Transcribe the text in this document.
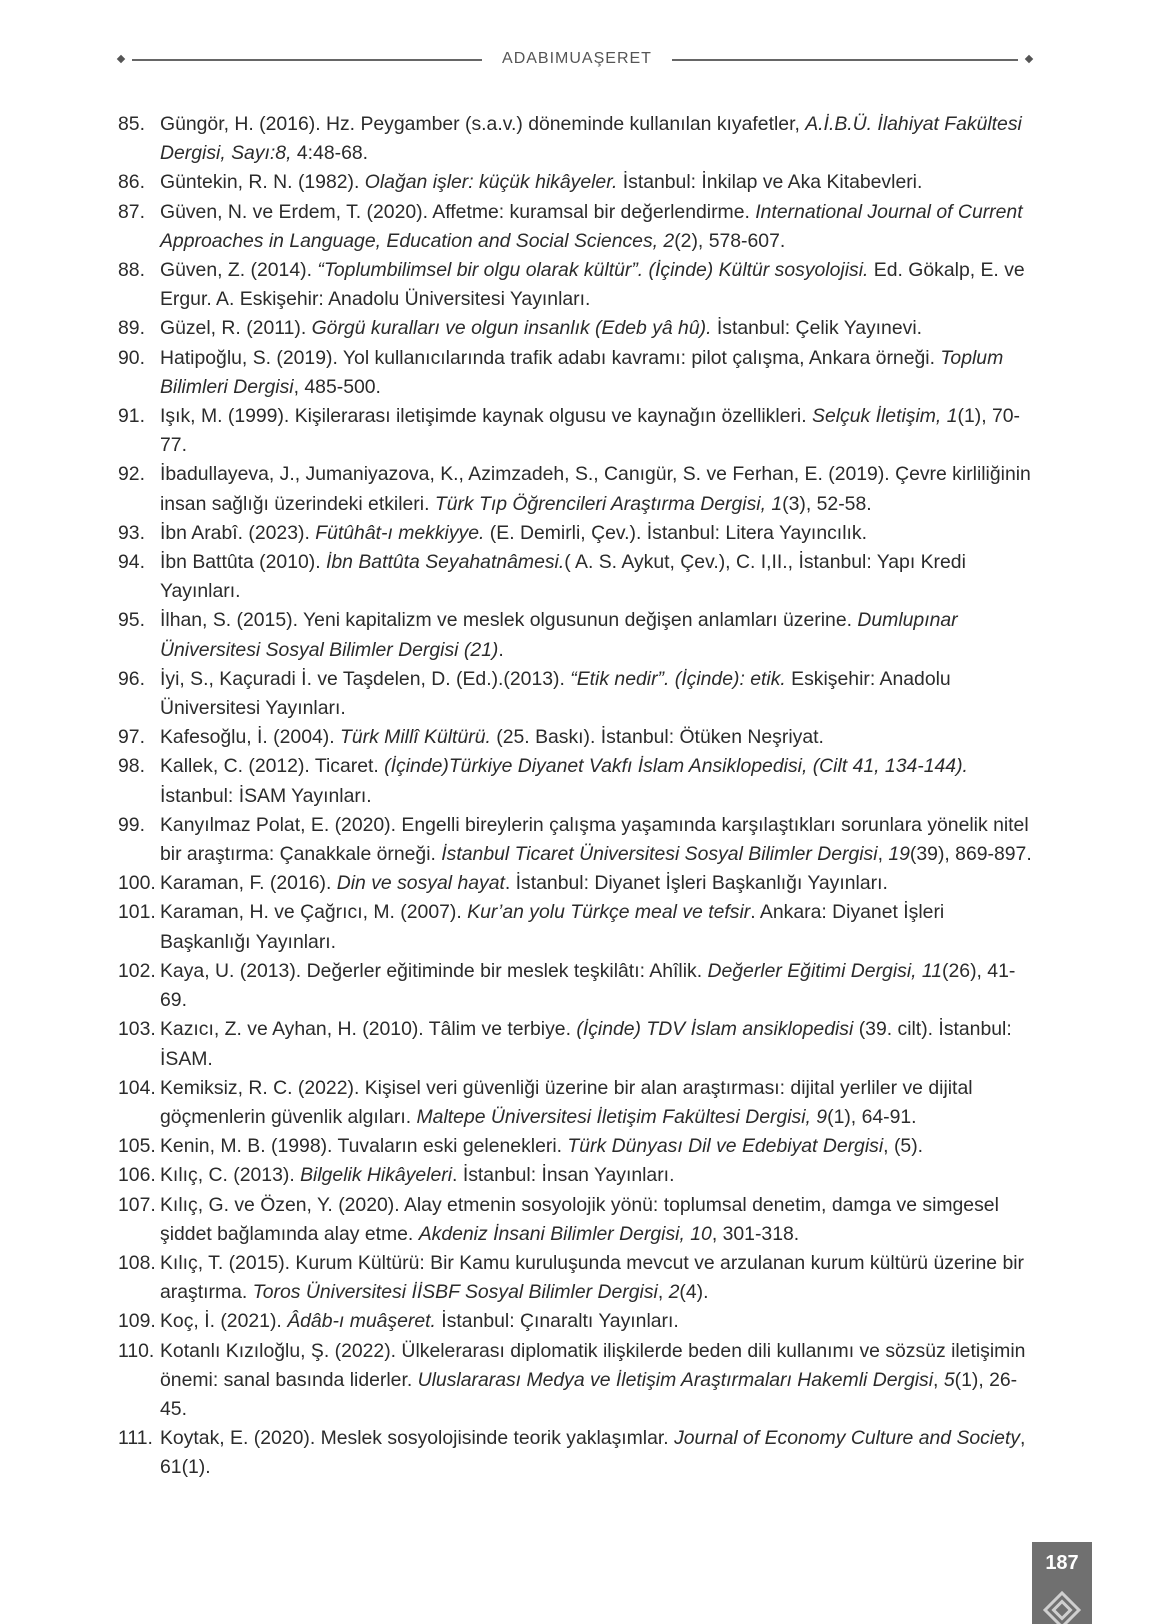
ADABIMUAŞERET
85. Güngör, H. (2016). Hz. Peygamber (s.a.v.) döneminde kullanılan kıyafetler, A.İ.B.Ü. İlahiyat Fakültesi Dergisi, Sayı:8, 4:48-68.
86. Güntekin, R. N. (1982). Olağan işler: küçük hikâyeler. İstanbul: İnkilap ve Aka Kitabevleri.
87. Güven, N. ve Erdem, T. (2020). Affetme: kuramsal bir değerlendirme. International Journal of Current Approaches in Language, Education and Social Sciences, 2(2), 578-607.
88. Güven, Z. (2014). “Toplumbilimsel bir olgu olarak kültür”. (İçinde) Kültür sosyolojisi. Ed. Gökalp, E. ve Ergur. A. Eskişehir: Anadolu Üniversitesi Yayınları.
89. Güzel, R. (2011). Görgü kuralları ve olgun insanlık (Edeb yâ hû). İstanbul: Çelik Yayınevi.
90. Hatipoğlu, S. (2019). Yol kullanıcılarında trafik adabı kavramı: pilot çalışma, Ankara örneği. Toplum Bilimleri Dergisi, 485-500.
91. Işık, M. (1999). Kişilerarası iletişimde kaynak olgusu ve kaynağın özellikleri. Selçuk İletişim, 1(1), 70-77.
92. İbadullayeva, J., Jumaniyazova, K., Azimzadeh, S., Canıgür, S. ve Ferhan, E. (2019). Çevre kirliliğinin insan sağlığı üzerindeki etkileri. Türk Tıp Öğrencileri Araştırma Dergisi, 1(3), 52-58.
93. İbn Arabî. (2023). Fütûhât-ı mekkiyye. (E. Demirli, Çev.). İstanbul: Litera Yayıncılık.
94. İbn Battûta (2010). İbn Battûta Seyahatnâmesi.( A. S. Aykut, Çev.), C. I,II., İstanbul: Yapı Kredi Yayınları.
95. İlhan, S. (2015). Yeni kapitalizm ve meslek olgusunun değişen anlamları üzerine. Dumlupınar Üniversitesi Sosyal Bilimler Dergisi (21).
96. İyi, S., Kaçuradi İ. ve Taşdelen, D. (Ed.).(2013). “Etik nedir”. (İçinde): etik. Eskişehir: Anadolu Üniversitesi Yayınları.
97. Kafesoğlu, İ. (2004). Türk Millî Kültürü. (25. Baskı). İstanbul: Ötüken Neşriyat.
98. Kallek, C. (2012). Ticaret. (İçinde)Türkiye Diyanet Vakfı İslam Ansiklopedisi, (Cilt 41, 134-144). İstanbul: İSAM Yayınları.
99. Kanyılmaz Polat, E. (2020). Engelli bireylerin çalışma yaşamında karşılaştıkları sorunlara yönelik nitel bir araştırma: Çanakkale örneği. İstanbul Ticaret Üniversitesi Sosyal Bilimler Dergisi, 19(39), 869-897.
100. Karaman, F. (2016). Din ve sosyal hayat. İstanbul: Diyanet İşleri Başkanlığı Yayınları.
101. Karaman, H. ve Çağrıcı, M. (2007). Kur’an yolu Türkçe meal ve tefsir. Ankara: Diyanet İşleri Başkanlığı Yayınları.
102. Kaya, U. (2013). Değerler eğitiminde bir meslek teşkilâtı: Ahîlik. Değerler Eğitimi Dergisi, 11(26), 41-69.
103. Kazıcı, Z. ve Ayhan, H. (2010). Tâlim ve terbiye. (İçinde) TDV İslam ansiklopedisi (39. cilt). İstanbul: İSAM.
104. Kemiksiz, R. C. (2022). Kişisel veri güvenliği üzerine bir alan araştırması: dijital yerliler ve dijital göçmenlerin güvenlik algıları. Maltepe Üniversitesi İletişim Fakültesi Dergisi, 9(1), 64-91.
105. Kenin, M. B. (1998). Tuvaların eski gelenekleri. Türk Dünyası Dil ve Edebiyat Dergisi, (5).
106. Kılıç, C. (2013). Bilgelik Hikâyeleri. İstanbul: İnsan Yayınları.
107. Kılıç, G. ve Özen, Y. (2020). Alay etmenin sosyolojik yönü: toplumsal denetim, damga ve simgesel şiddet bağlamında alay etme. Akdeniz İnsani Bilimler Dergisi, 10, 301-318.
108. Kılıç, T. (2015). Kurum Kültürü: Bir Kamu kuruluşunda mevcut ve arzulanan kurum kültürü üzerine bir araştırma. Toros Üniversitesi İİSBF Sosyal Bilimler Dergisi, 2(4).
109. Koç, İ. (2021). Âdâb-ı muâşeret. İstanbul: Çınaraltı Yayınları.
110. Kotanlı Kızıloğlu, Ş. (2022). Ülkelerarası diplomatik ilişkilerde beden dili kullanımı ve sözsüz iletişimin önemi: sanal basında liderler. Uluslararası Medya ve İletişim Araştırmaları Hakemli Dergisi, 5(1), 26-45.
111. Koytak, E. (2020). Meslek sosyolojisinde teorik yaklaşımlar. Journal of Economy Culture and Society, 61(1).
187
